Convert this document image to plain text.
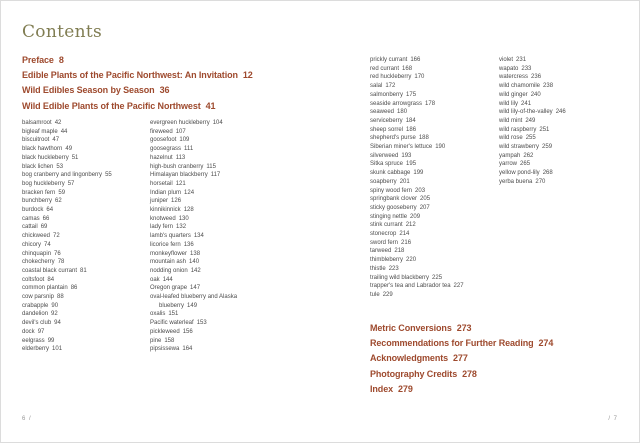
Contents
Preface 8
Edible Plants of the Pacific Northwest: An Invitation 12
Wild Edibles Season by Season 36
Wild Edible Plants of the Pacific Northwest 41
balsamroot 42
bigleaf maple 44
biscuitroot 47
black hawthorn 49
black huckleberry 51
black lichen 53
bog cranberry and lingonberry 55
bog huckleberry 57
bracken fern 59
bunchberry 62
burdock 64
camas 66
cattail 69
chickweed 72
chicory 74
chinquapin 76
chokecherry 78
coastal black currant 81
coltsfoot 84
common plantain 86
cow parsnip 88
crabapple 90
dandelion 92
devil's club 94
dock 97
eelgrass 99
elderberry 101
evergreen huckleberry 104
fireweed 107
goosefoot 109
goosegrass 111
hazelnut 113
high-bush cranberry 115
Himalayan blackberry 117
horsetail 121
Indian plum 124
juniper 126
kinnikinnick 128
knotweed 130
lady fern 132
lamb's quarters 134
licorice fern 136
monkeyflower 138
mountain ash 140
nodding onion 142
oak 144
Oregon grape 147
oval-leafed blueberry and Alaska
blueberry 149
oxalis 151
Pacific waterleaf 153
pickleweed 156
pine 158
pipsissewa 164
6 /
prickly currant 166
red currant 168
red huckleberry 170
salal 172
salmonberry 175
seaside arrowgrass 178
seaweed 180
serviceberry 184
sheep sorrel 186
shepherd's purse 188
Siberian miner's lettuce 190
silverweed 193
Sitka spruce 195
skunk cabbage 199
soapberry 201
spiny wood fern 203
springbank clover 205
sticky gooseberry 207
stinging nettle 209
stink currant 212
stonecrop 214
sword fern 216
tarweed 218
thimbleberry 220
thistle 223
trailing wild blackberry 225
trapper's tea and Labrador tea 227
tule 229
violet 231
wapato 233
watercress 236
wild chamomile 238
wild ginger 240
wild lily 241
wild lily-of-the-valley 246
wild mint 249
wild raspberry 251
wild rose 255
wild strawberry 259
yampah 262
yarrow 265
yellow pond-lily 268
yerba buena 270
Metric Conversions 273
Recommendations for Further Reading 274
Acknowledgments 277
Photography Credits 278
Index 279
/ 7
